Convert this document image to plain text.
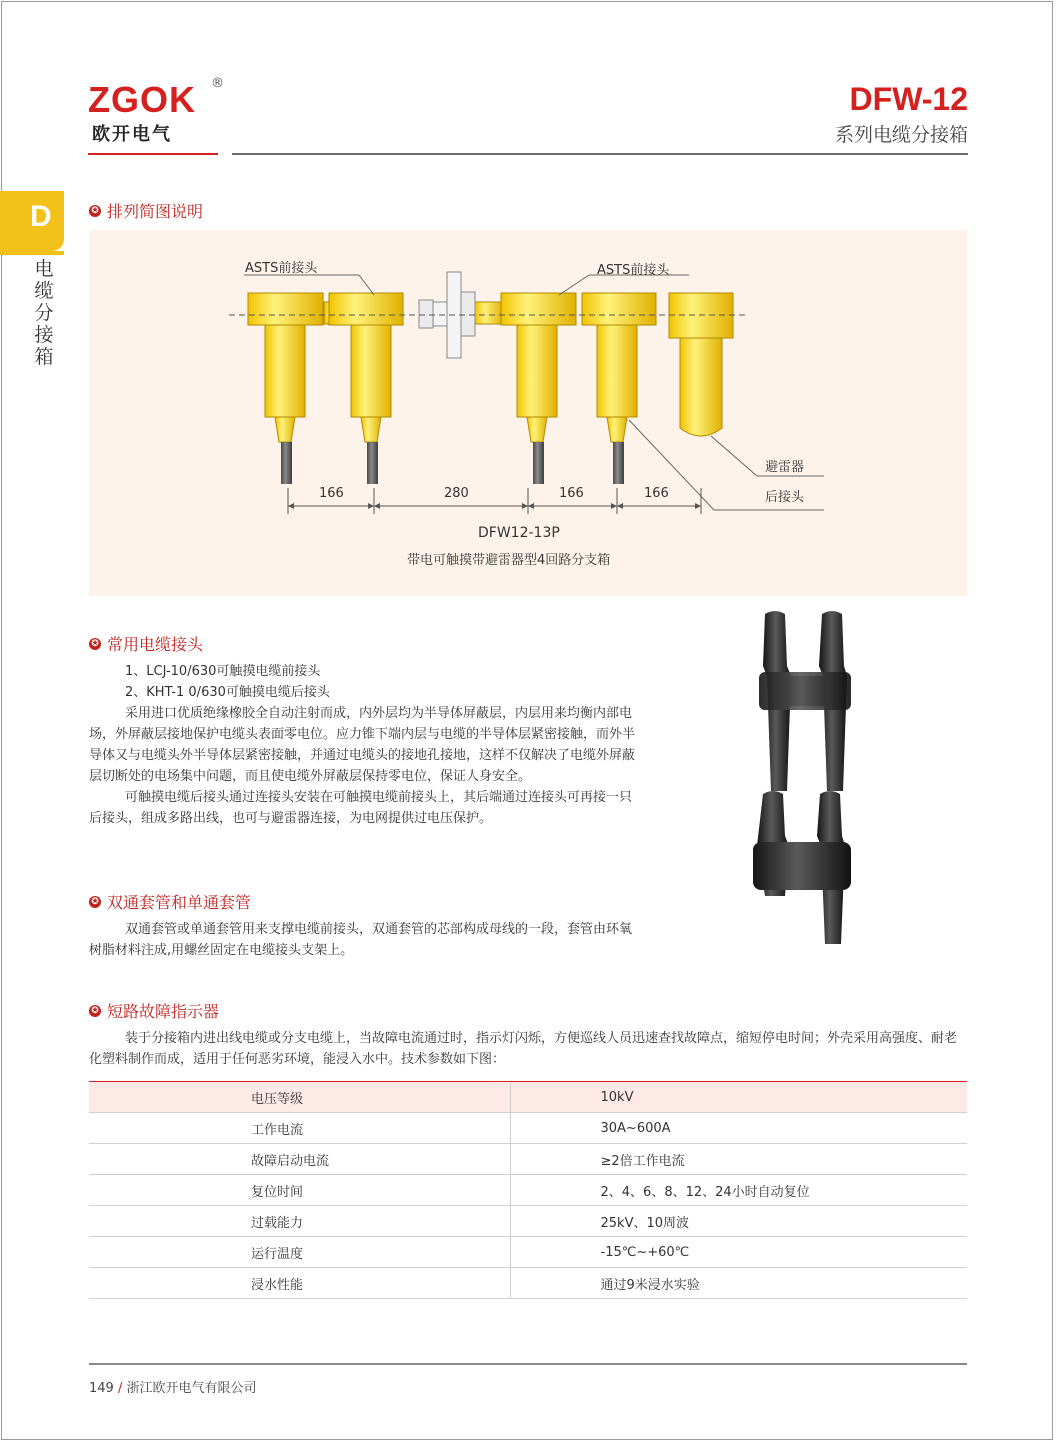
ZGOK ®
欧开电气
DFW-12
系列电缆分接箱
D
电缆分接箱
✪ 排列简图说明
ASTS前接头	ASTS前接头
避雷器
后接头
166	280	166	166
DFW12-13P
带电可触摸带避雷器型4回路分支箱
✪ 常用电缆接头

1、LCJ-10/630可触摸电缆前接头

2、KHT-1 0/630可触摸电缆后接头

采用进口优质绝缘橡胶全自动注射而成，内外层均为半导体屏蔽层，内层用来均衡内部电场，外屏蔽层接地保护电缆头表面零电位。应力锥下端内层与电缆的半导体层紧密接触，而外半导体又与电缆头外半导体层紧密接触，并通过电缆头的接地孔接地，这样不仅解决了电缆外屏蔽层切断处的电场集中问题，而且使电缆外屏蔽层保持零电位，保证人身安全。

可触摸电缆后接头通过连接头安装在可触摸电缆前接头上，其后端通过连接头可再接一只后接头，组成多路出线，也可与避雷器连接，为电网提供过电压保护。

✪ 双通套管和单通套管

双通套管或单通套管用来支撑电缆前接头，双通套管的芯部构成母线的一段，套管由环氧树脂材料注成,用螺丝固定在电缆接头支架上。

✪ 短路故障指示器

装于分接箱内进出线电缆或分支电缆上，当故障电流通过时，指示灯闪烁，方便巡线人员迅速查找故障点，缩短停电时间；外壳采用高强度、耐老化塑料制作而成，适用于任何恶劣环境，能浸入水中。技术参数如下图：

电压等级	10kV
工作电流	30A~600A
故障启动电流	≥2倍工作电流
复位时间	2、4、6、8、12、24小时自动复位
过载能力	25kV、10周波
运行温度	-15℃~+60℃
浸水性能	通过9米浸水实验
149 / 浙江欧开电气有限公司
